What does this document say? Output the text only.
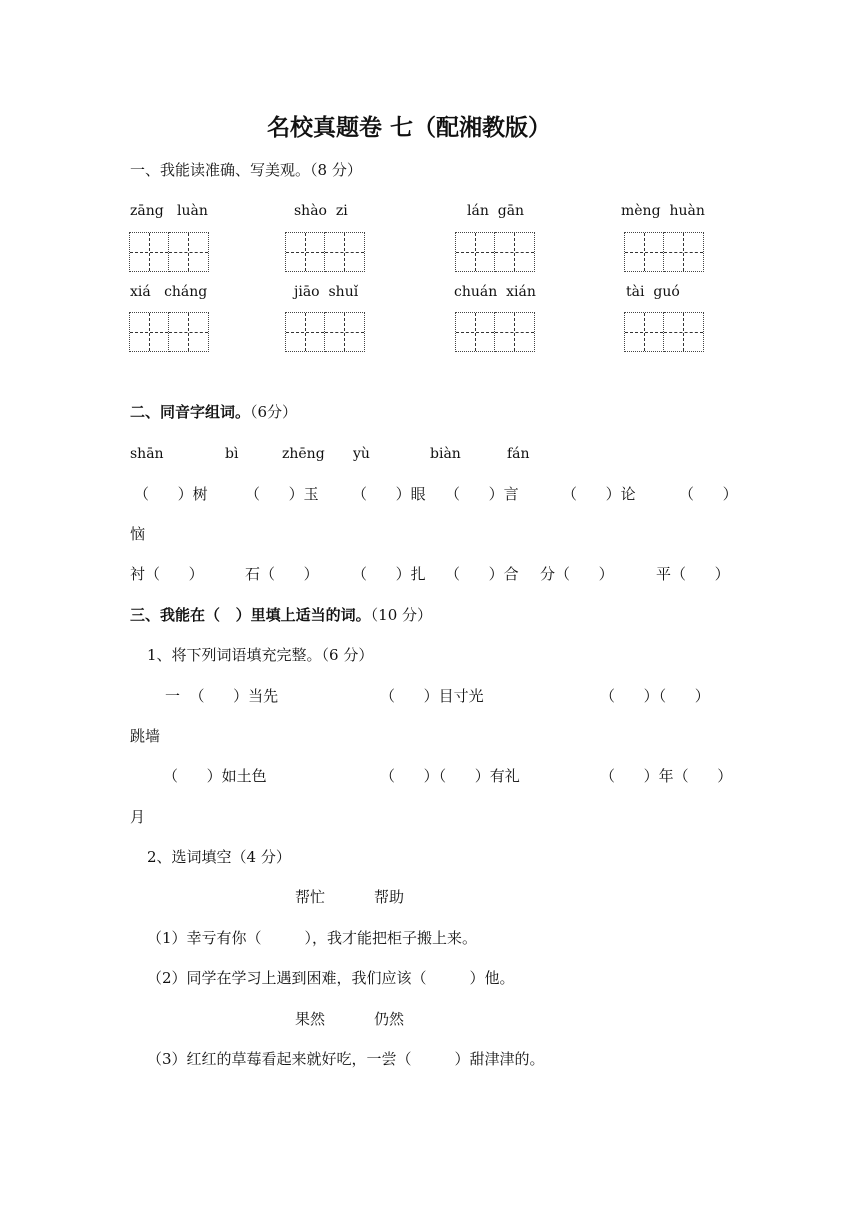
名校真题卷 七（配湘教版）
一、我能读准确、写美观。（8 分）
zāng   luàn	shào  zi	lán  gān	mèng  huàn
xiá   cháng	jiāo  shuǐ	chuán  xián	tài  guó
二、同音字组词。（6分）
shān	bì	zhēng yù	biàn	fán
（      ）树 （      ）玉 （      ）眼 （      ）言	（      ）论	（      ）
恼
衬（      ）	石（      ） （      ）扎 （      ）合 分（      ）	平（      ）
三、我能在（   ）里填上适当的词。（10 分）
1、将下列词语填充完整。（6 分）
一  （      ）当先	（      ）目寸光	（      ）（      ）
跳墙
（      ）如土色	（      ）（      ）有礼	（      ）年（      ）
月
2、选词填空（4 分）
帮忙	帮助
（1）幸亏有你（         ），我才能把柜子搬上来。
（2）同学在学习上遇到困难，我们应该（         ）他。
果然	仍然
（3）红红的草莓看起来就好吃，一尝（         ）甜津津的。
